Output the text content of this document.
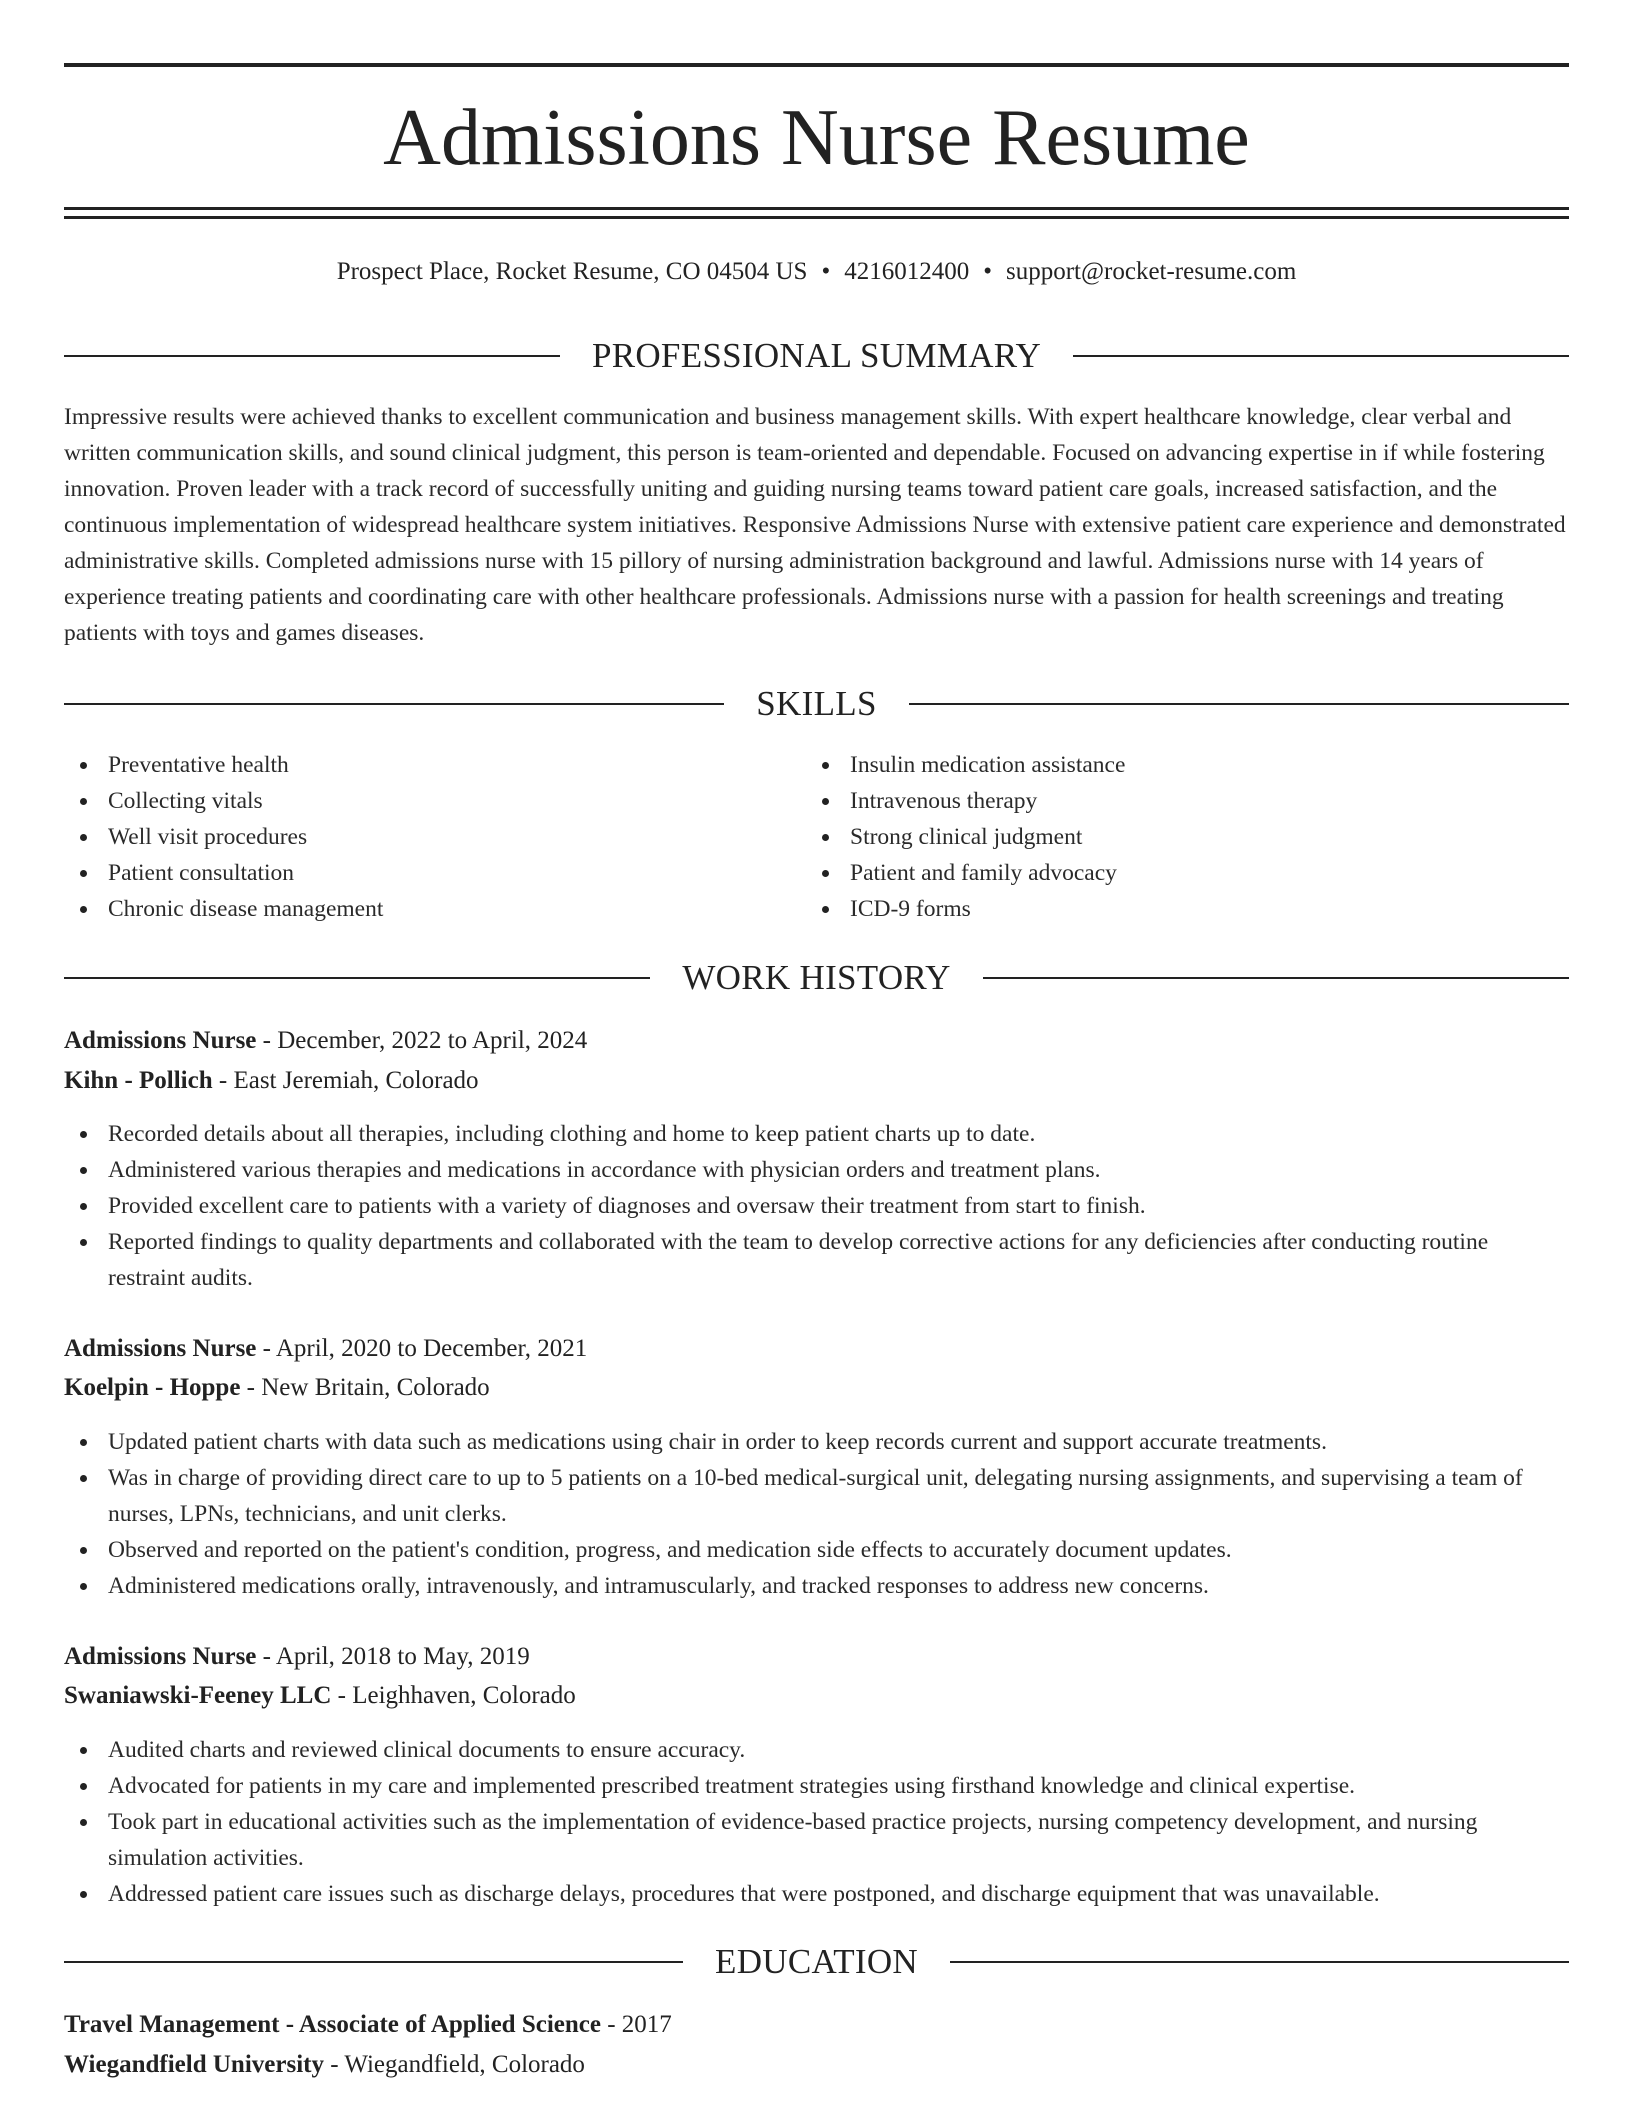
Admissions Nurse Resume
Prospect Place, Rocket Resume, CO 04504 US • 4216012400 • support@rocket-resume.com
PROFESSIONAL SUMMARY
Impressive results were achieved thanks to excellent communication and business management skills. With expert healthcare knowledge, clear verbal and written communication skills, and sound clinical judgment, this person is team-oriented and dependable. Focused on advancing expertise in if while fostering innovation. Proven leader with a track record of successfully uniting and guiding nursing teams toward patient care goals, increased satisfaction, and the continuous implementation of widespread healthcare system initiatives. Responsive Admissions Nurse with extensive patient care experience and demonstrated administrative skills. Completed admissions nurse with 15 pillory of nursing administration background and lawful. Admissions nurse with 14 years of experience treating patients and coordinating care with other healthcare professionals. Admissions nurse with a passion for health screenings and treating patients with toys and games diseases.
SKILLS
Preventative health
Collecting vitals
Well visit procedures
Patient consultation
Chronic disease management
Insulin medication assistance
Intravenous therapy
Strong clinical judgment
Patient and family advocacy
ICD-9 forms
WORK HISTORY
Admissions Nurse - December, 2022 to April, 2024
Kihn - Pollich - East Jeremiah, Colorado
Recorded details about all therapies, including clothing and home to keep patient charts up to date.
Administered various therapies and medications in accordance with physician orders and treatment plans.
Provided excellent care to patients with a variety of diagnoses and oversaw their treatment from start to finish.
Reported findings to quality departments and collaborated with the team to develop corrective actions for any deficiencies after conducting routine restraint audits.
Admissions Nurse - April, 2020 to December, 2021
Koelpin - Hoppe - New Britain, Colorado
Updated patient charts with data such as medications using chair in order to keep records current and support accurate treatments.
Was in charge of providing direct care to up to 5 patients on a 10-bed medical-surgical unit, delegating nursing assignments, and supervising a team of nurses, LPNs, technicians, and unit clerks.
Observed and reported on the patient's condition, progress, and medication side effects to accurately document updates.
Administered medications orally, intravenously, and intramuscularly, and tracked responses to address new concerns.
Admissions Nurse - April, 2018 to May, 2019
Swaniawski-Feeney LLC - Leighhaven, Colorado
Audited charts and reviewed clinical documents to ensure accuracy.
Advocated for patients in my care and implemented prescribed treatment strategies using firsthand knowledge and clinical expertise.
Took part in educational activities such as the implementation of evidence-based practice projects, nursing competency development, and nursing simulation activities.
Addressed patient care issues such as discharge delays, procedures that were postponed, and discharge equipment that was unavailable.
EDUCATION
Travel Management - Associate of Applied Science - 2017
Wiegandfield University - Wiegandfield, Colorado
